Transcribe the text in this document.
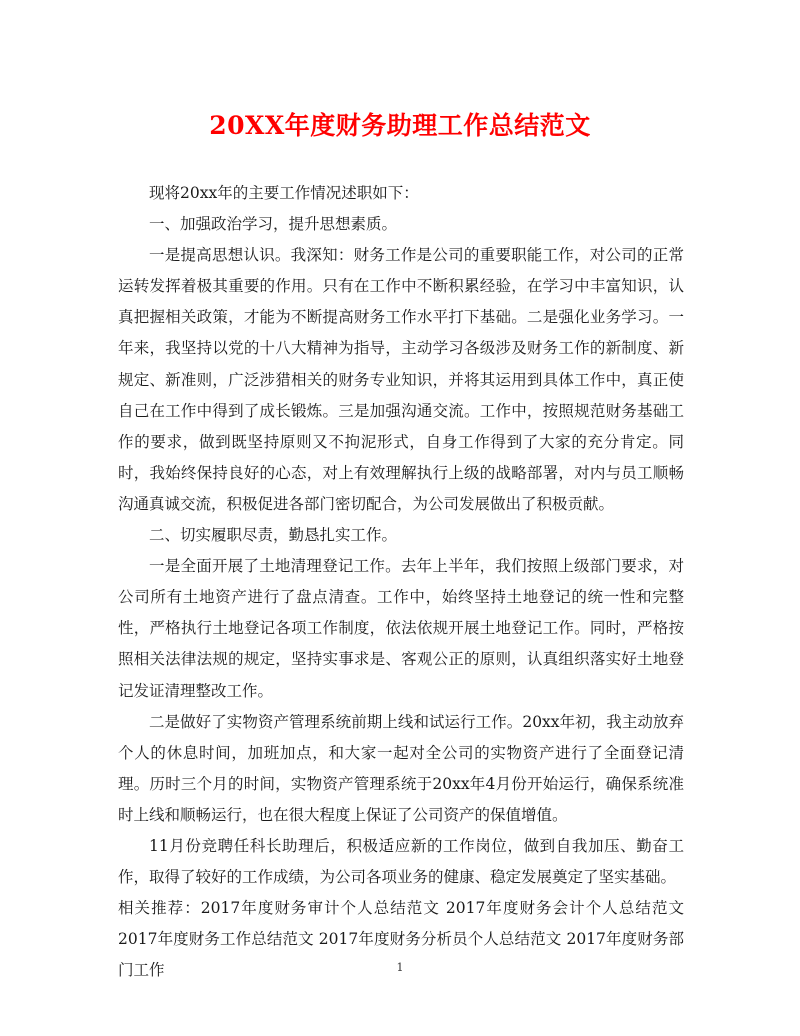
20XX年度财务助理工作总结范文

现将20xx年的主要工作情况述职如下：

一、加强政治学习，提升思想素质。

一是提高思想认识。我深知：财务工作是公司的重要职能工作，对公司的正常运转发挥着极其重要的作用。只有在工作中不断积累经验，在学习中丰富知识，认真把握相关政策，才能为不断提高财务工作水平打下基础。二是强化业务学习。一年来，我坚持以党的十八大精神为指导，主动学习各级涉及财务工作的新制度、新规定、新准则，广泛涉猎相关的财务专业知识，并将其运用到具体工作中，真正使自己在工作中得到了成长锻炼。三是加强沟通交流。工作中，按照规范财务基础工作的要求，做到既坚持原则又不拘泥形式，自身工作得到了大家的充分肯定。同时，我始终保持良好的心态，对上有效理解执行上级的战略部署，对内与员工顺畅沟通真诚交流，积极促进各部门密切配合，为公司发展做出了积极贡献。

二、切实履职尽责，勤恳扎实工作。

一是全面开展了土地清理登记工作。去年上半年，我们按照上级部门要求，对公司所有土地资产进行了盘点清查。工作中，始终坚持土地登记的统一性和完整性，严格执行土地登记各项工作制度，依法依规开展土地登记工作。同时，严格按照相关法律法规的规定，坚持实事求是、客观公正的原则，认真组织落实好土地登记发证清理整改工作。

二是做好了实物资产管理系统前期上线和试运行工作。20xx年初，我主动放弃个人的休息时间，加班加点，和大家一起对全公司的实物资产进行了全面登记清理。历时三个月的时间，实物资产管理系统于20xx年4月份开始运行，确保系统准时上线和顺畅运行，也在很大程度上保证了公司资产的保值增值。

11月份竞聘任科长助理后，积极适应新的工作岗位，做到自我加压、勤奋工作，取得了较好的工作成绩，为公司各项业务的健康、稳定发展奠定了坚实基础。

相关推荐：2017年度财务审计个人总结范文 2017年度财务会计个人总结范文 2017年度财务工作总结范文 2017年度财务分析员个人总结范文 2017年度财务部门工作	1
